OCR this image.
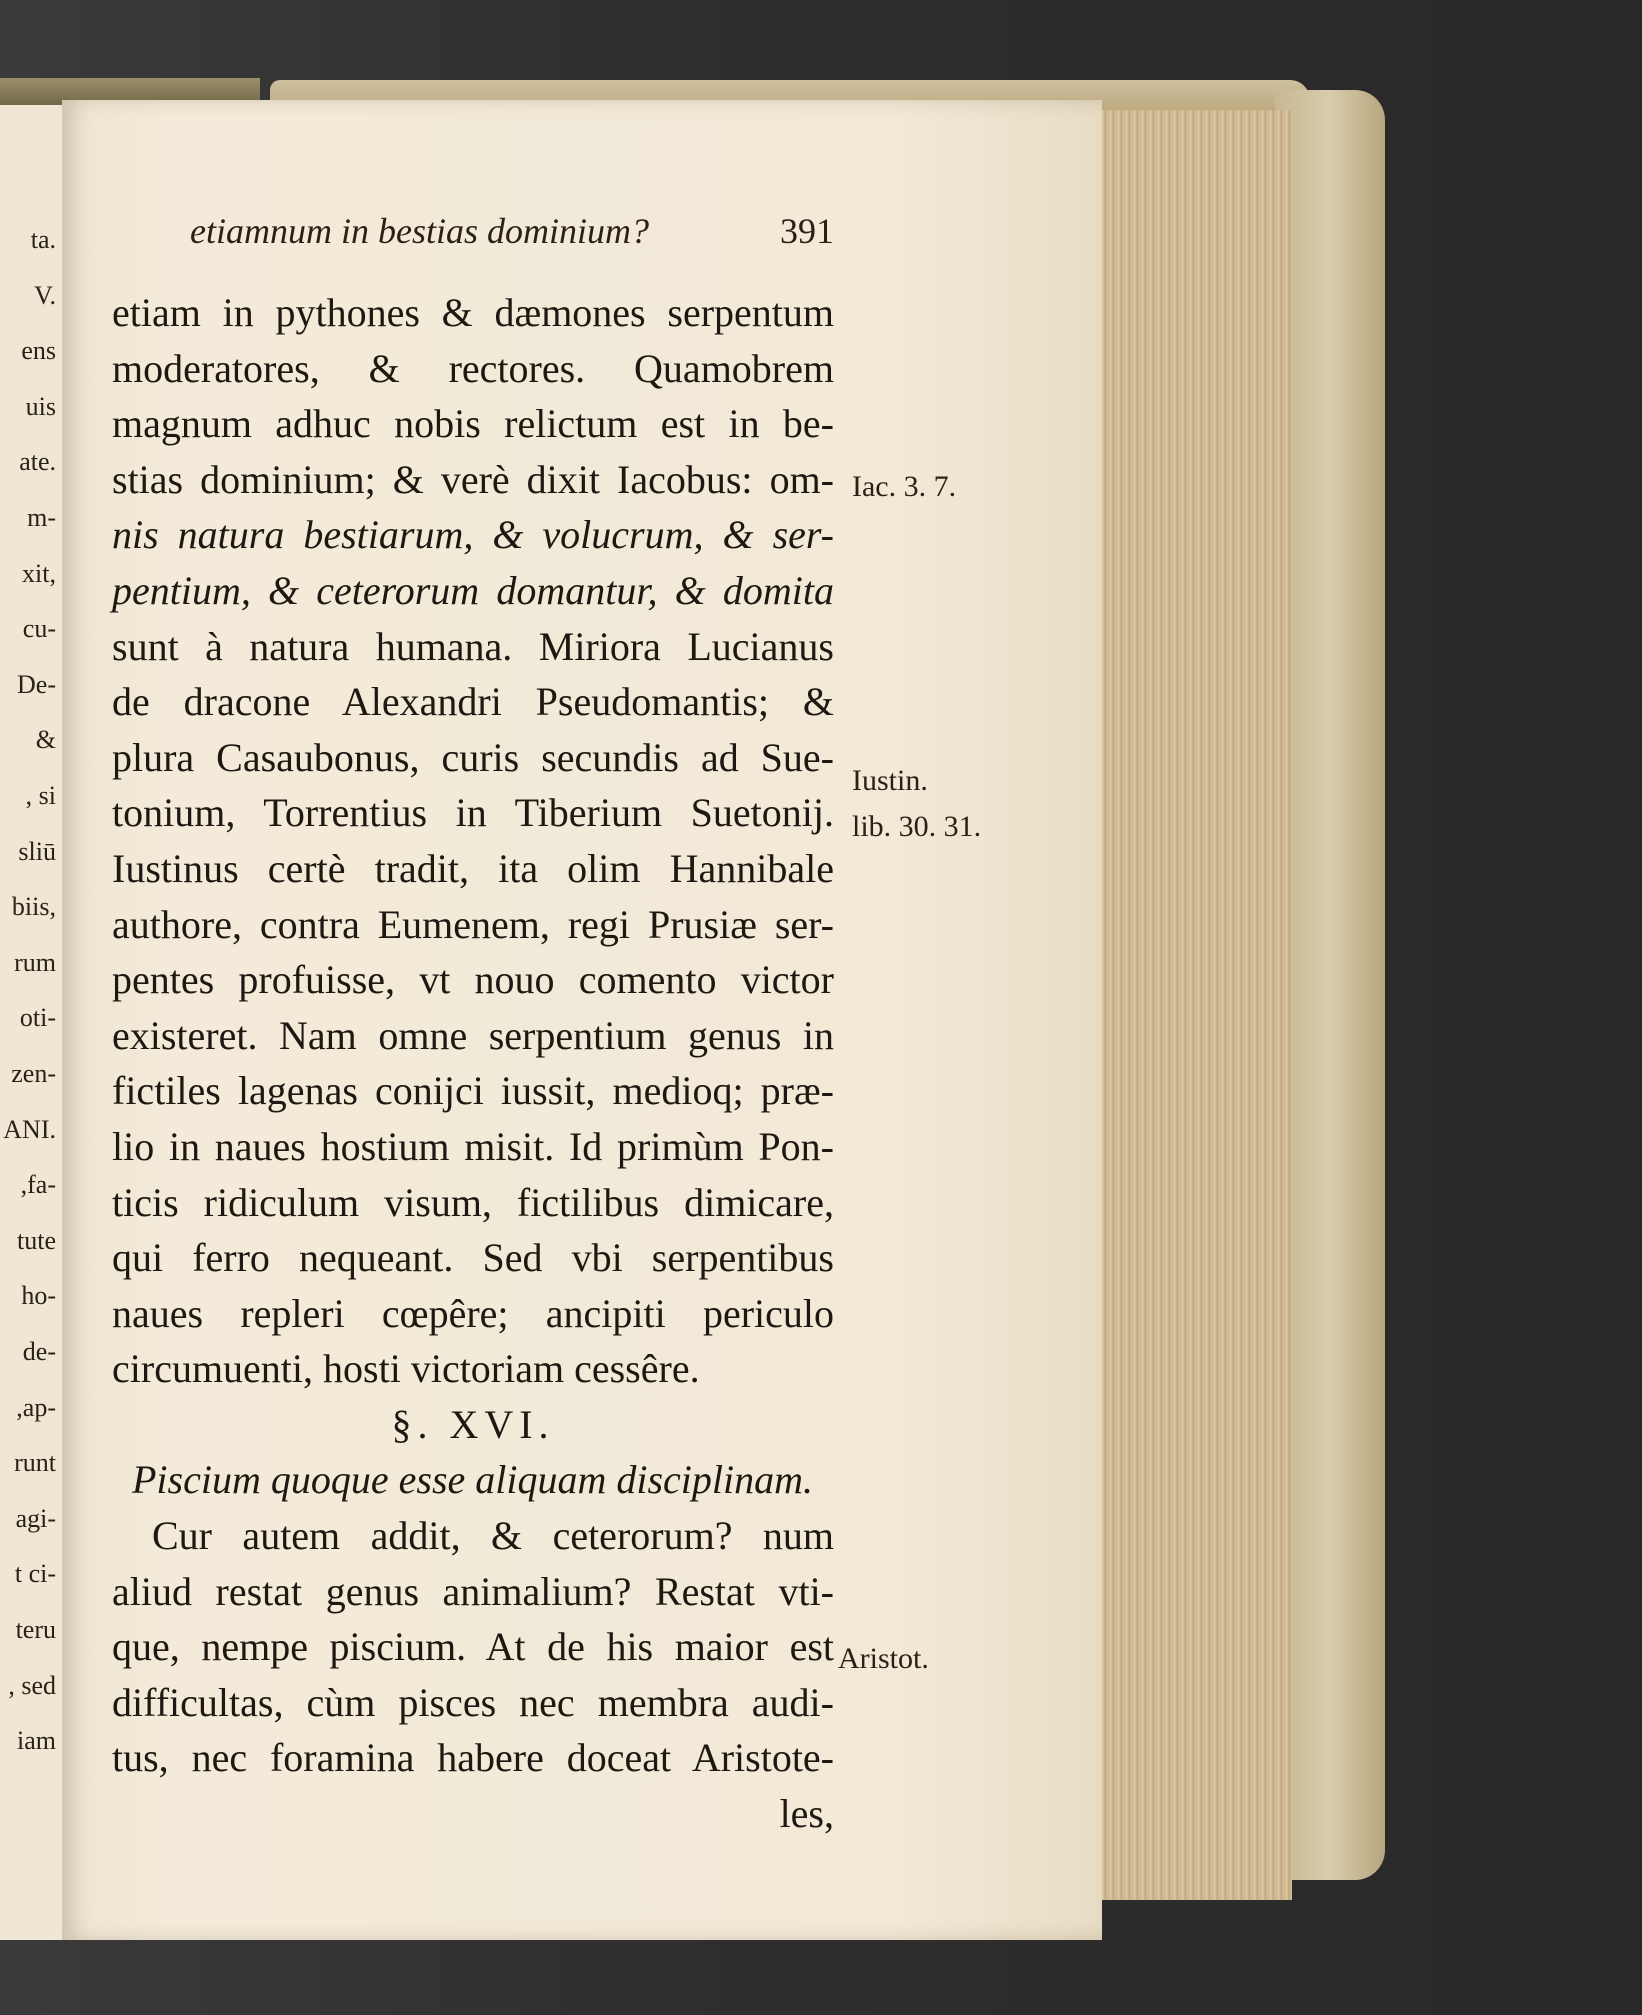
ta.
V.
ens
uis
ate.
m-
xit,
cu-
De-
&
, si
sliū
biis,
rum
oti-
zen-
ANI.
,fa-
tute
ho-
de-
,ap-
runt
agi-
t ci-
teru
, sed
iam
etiamnum in bestias dominium?	391
etiam in pythones & dæmones serpentum
moderatores, & rectores. Quamobrem
magnum adhuc nobis relictum est in be-
stias dominium; & verè dixit Iacobus: om-
nis natura bestiarum, & volucrum, & ser-
pentium, & ceterorum domantur, & domita
sunt à natura humana. Miriora Lucianus
de dracone Alexandri Pseudomantis; &
plura Casaubonus, curis secundis ad Sue-
tonium, Torrentius in Tiberium Suetonij.
Iustinus certè tradit, ita olim Hannibale
authore, contra Eumenem, regi Prusiæ ser-
pentes profuisse, vt nouo comento victor
existeret. Nam omne serpentium genus in
fictiles lagenas conijci iussit, medioq; præ-
lio in naues hostium misit. Id primùm Pon-
ticis ridiculum visum, fictilibus dimicare,
qui ferro nequeant. Sed vbi serpentibus
naues repleri cœpêre; ancipiti periculo
circumuenti, hosti victoriam cessêre.
§. XVI.
Piscium quoque esse aliquam disciplinam.
Cur autem addit, & ceterorum? num
aliud restat genus animalium? Restat vti-
que, nempe piscium. At de his maior est
difficultas, cùm pisces nec membra audi-
tus, nec foramina habere doceat Aristote-
les,
Iac. 3. 7.
Iustin.
lib. 30. 31.
Aristot.
